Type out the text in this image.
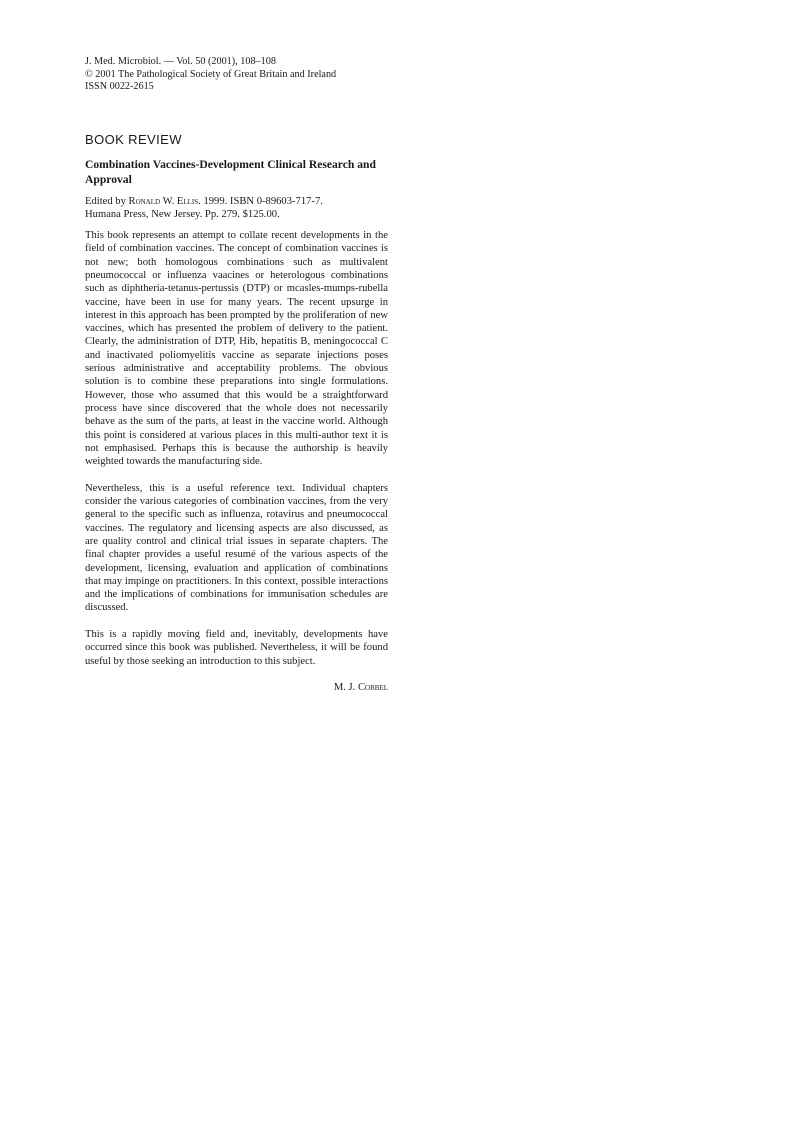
J. Med. Microbiol. — Vol. 50 (2001), 108–108
© 2001 The Pathological Society of Great Britain and Ireland
ISSN 0022-2615
BOOK REVIEW
Combination Vaccines-Development Clinical Research and Approval
Edited by Ronald W. Ellis. 1999. ISBN 0-89603-717-7.
Humana Press, New Jersey. Pp. 279. $125.00.

This book represents an attempt to collate recent developments in the field of combination vaccines. The concept of combination vaccines is not new; both homologous combinations such as multivalent pneumococcal or influenza vaacines or heterologous combinations such as diphtheria-tetanus-pertussis (DTP) or mcasles-mumps-rubella vaccine, have been in use for many years. The recent upsurge in interest in this approach has been prompted by the proliferation of new vaccines, which has presented the problem of delivery to the patient. Clearly, the administration of DTP, Hib, hepatitis B, meningococcal C and inactivated poliomyelitis vaccine as separate injections poses serious administrative and acceptability problems. The obvious solution is to combine these preparations into single formulations. However, those who assumed that this would be a straightforward process have since discovered that the whole does not necessarily behave as the sum of the parts, at least in the vaccine world. Although this point is considered at various places in this multi-author text it is not emphasised. Perhaps this is because the authorship is heavily weighted towards the manufacturing side.

Nevertheless, this is a useful reference text. Individual chapters consider the various categories of combination vaccines, from the very general to the specific such as influenza, rotavirus and pneumococcal vaccines. The regulatory and licensing aspects are also discussed, as are quality control and clinical trial issues in separate chapters. The final chapter provides a useful resumé of the various aspects of the development, licensing, evaluation and application of combinations that may impinge on practitioners. In this context, possible interactions and the implications of combinations for immunisation schedules are discussed.

This is a rapidly moving field and, inevitably, developments have occurred since this book was published. Nevertheless, it will be found useful by those seeking an introduction to this subject.

M. J. Corbel
